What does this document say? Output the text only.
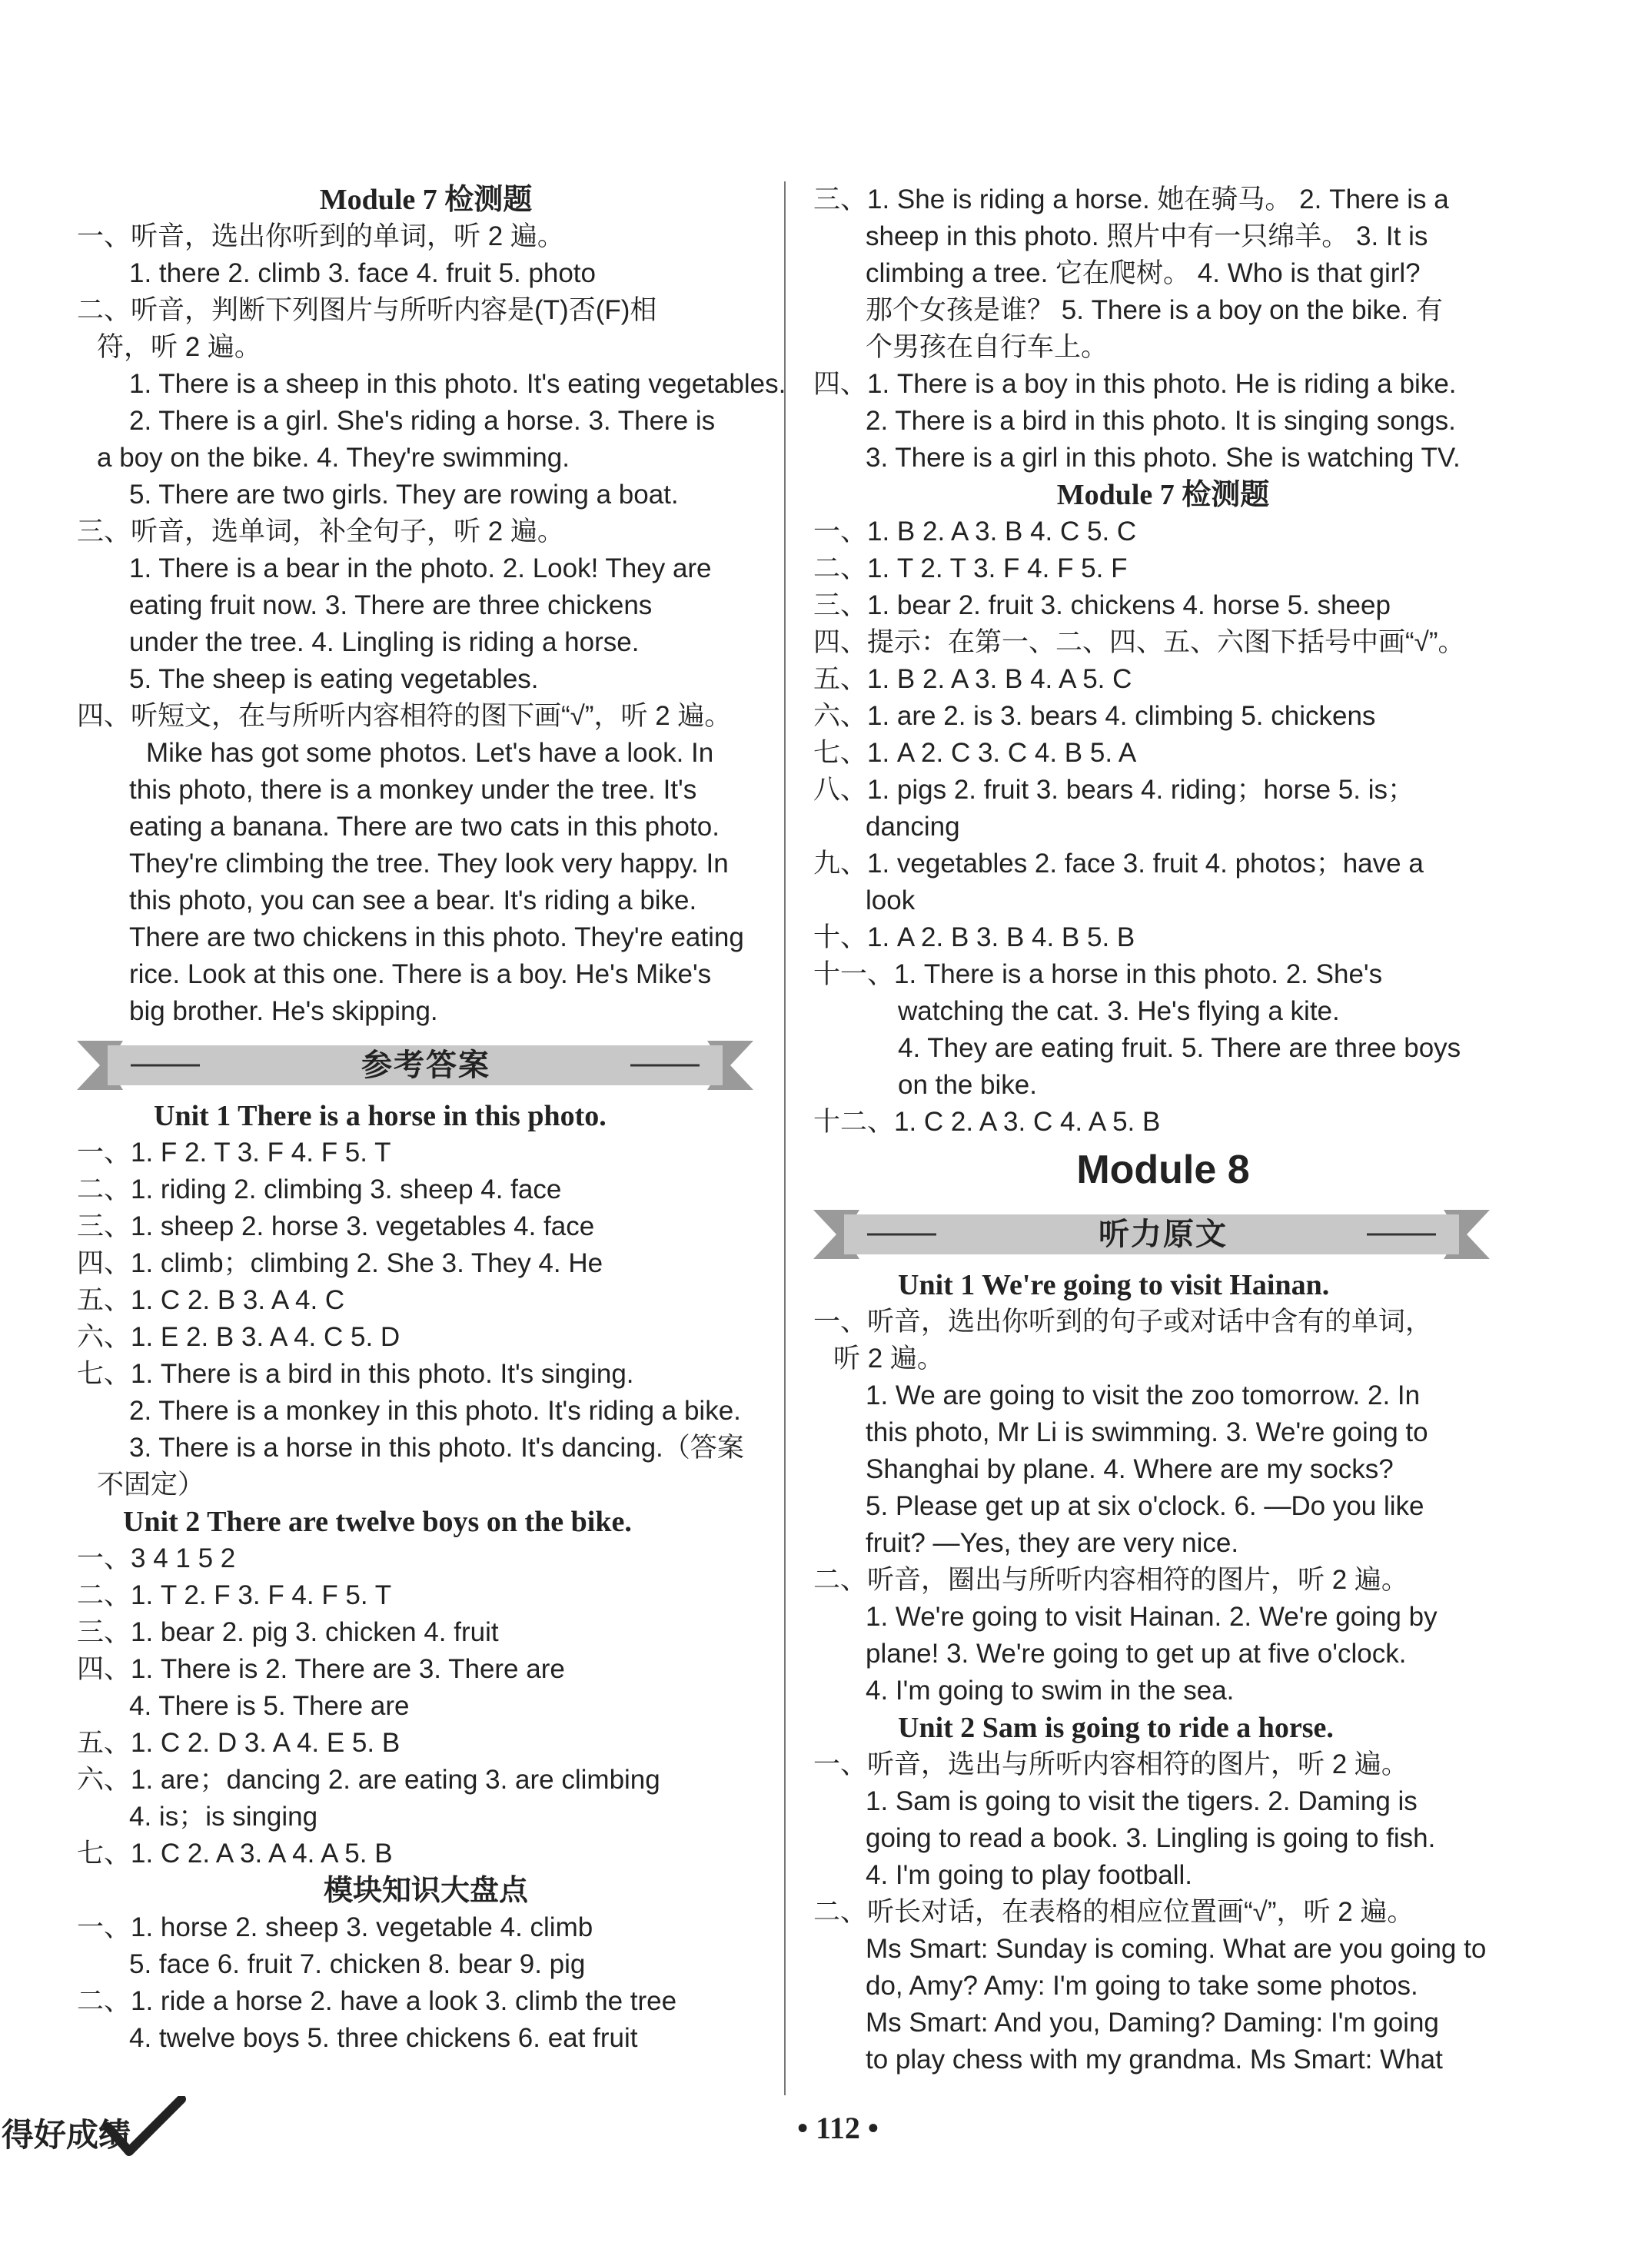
Module 7 检测题
一、听音，选出你听到的单词，听 2 遍。
1. there 2. climb 3. face 4. fruit 5. photo
二、听音，判断下列图片与所听内容是(T)否(F)相
符，听 2 遍。
1. There is a sheep in this photo. It's eating vegetables.
2. There is a girl. She's riding a horse. 3. There is
a boy on the bike. 4. They're swimming.
5. There are two girls. They are rowing a boat.
三、听音，选单词，补全句子，听 2 遍。
1. There is a bear in the photo. 2. Look! They are
eating fruit now. 3. There are three chickens
under the tree. 4. Lingling is riding a horse.
5. The sheep is eating vegetables.
四、听短文，在与所听内容相符的图下画“√”，听 2 遍。
Mike has got some photos. Let's have a look. In
this photo, there is a monkey under the tree. It's
eating a banana. There are two cats in this photo.
They're climbing the tree. They look very happy. In
this photo, you can see a bear. It's riding a bike.
There are two chickens in this photo. They're eating
rice. Look at this one. There is a boy. He's Mike's
big brother. He's skipping.
参考答案
Unit 1 There is a horse in this photo.
一、1. F 2. T 3. F 4. F 5. T
二、1. riding 2. climbing 3. sheep 4. face
三、1. sheep 2. horse 3. vegetables 4. face
四、1. climb；climbing 2. She 3. They 4. He
五、1. C 2. B 3. A 4. C
六、1. E 2. B 3. A 4. C 5. D
七、1. There is a bird in this photo. It's singing.
2. There is a monkey in this photo. It's riding a bike.
3. There is a horse in this photo. It's dancing.（答案
不固定）
Unit 2 There are twelve boys on the bike.
一、3 4 1 5 2
二、1. T 2. F 3. F 4. F 5. T
三、1. bear 2. pig 3. chicken 4. fruit
四、1. There is 2. There are 3. There are
4. There is 5. There are
五、1. C 2. D 3. A 4. E 5. B
六、1. are；dancing 2. are eating 3. are climbing
4. is；is singing
七、1. C 2. A 3. A 4. A 5. B
模块知识大盘点
一、1. horse 2. sheep 3. vegetable 4. climb
5. face 6. fruit 7. chicken 8. bear 9. pig
二、1. ride a horse 2. have a look 3. climb the tree
4. twelve boys 5. three chickens 6. eat fruit
三、1. She is riding a horse. 她在骑马。 2. There is a
sheep in this photo. 照片中有一只绵羊。 3. It is
climbing a tree. 它在爬树。 4. Who is that girl?
那个女孩是谁？ 5. There is a boy on the bike. 有
个男孩在自行车上。
四、1. There is a boy in this photo. He is riding a bike.
2. There is a bird in this photo. It is singing songs.
3. There is a girl in this photo. She is watching TV.
Module 7 检测题
一、1. B 2. A 3. B 4. C 5. C
二、1. T 2. T 3. F 4. F 5. F
三、1. bear 2. fruit 3. chickens 4. horse 5. sheep
四、提示：在第一、二、四、五、六图下括号中画“√”。
五、1. B 2. A 3. B 4. A 5. C
六、1. are 2. is 3. bears 4. climbing 5. chickens
七、1. A 2. C 3. C 4. B 5. A
八、1. pigs 2. fruit 3. bears 4. riding；horse 5. is；
dancing
九、1. vegetables 2. face 3. fruit 4. photos；have a
look
十、1. A 2. B 3. B 4. B 5. B
十一、1. There is a horse in this photo. 2. She's
watching the cat. 3. He's flying a kite.
4. They are eating fruit. 5. There are three boys
on the bike.
十二、1. C 2. A 3. C 4. A 5. B
Module 8
听力原文
Unit 1 We're going to visit Hainan.
一、听音，选出你听到的句子或对话中含有的单词，
听 2 遍。
1. We are going to visit the zoo tomorrow. 2. In
this photo, Mr Li is swimming. 3. We're going to
Shanghai by plane. 4. Where are my socks?
5. Please get up at six o'clock. 6. —Do you like
fruit? —Yes, they are very nice.
二、听音，圈出与所听内容相符的图片，听 2 遍。
1. We're going to visit Hainan. 2. We're going by
plane! 3. We're going to get up at five o'clock.
4. I'm going to swim in the sea.
Unit 2 Sam is going to ride a horse.
一、听音，选出与所听内容相符的图片，听 2 遍。
1. Sam is going to visit the tigers. 2. Daming is
going to read a book. 3. Lingling is going to fish.
4. I'm going to play football.
二、听长对话，在表格的相应位置画“√”，听 2 遍。
Ms Smart: Sunday is coming. What are you going to
do, Amy? Amy: I'm going to take some photos.
Ms Smart: And you, Daming? Daming: I'm going
to play chess with my grandma. Ms Smart: What
得好成绩	• 112 •
